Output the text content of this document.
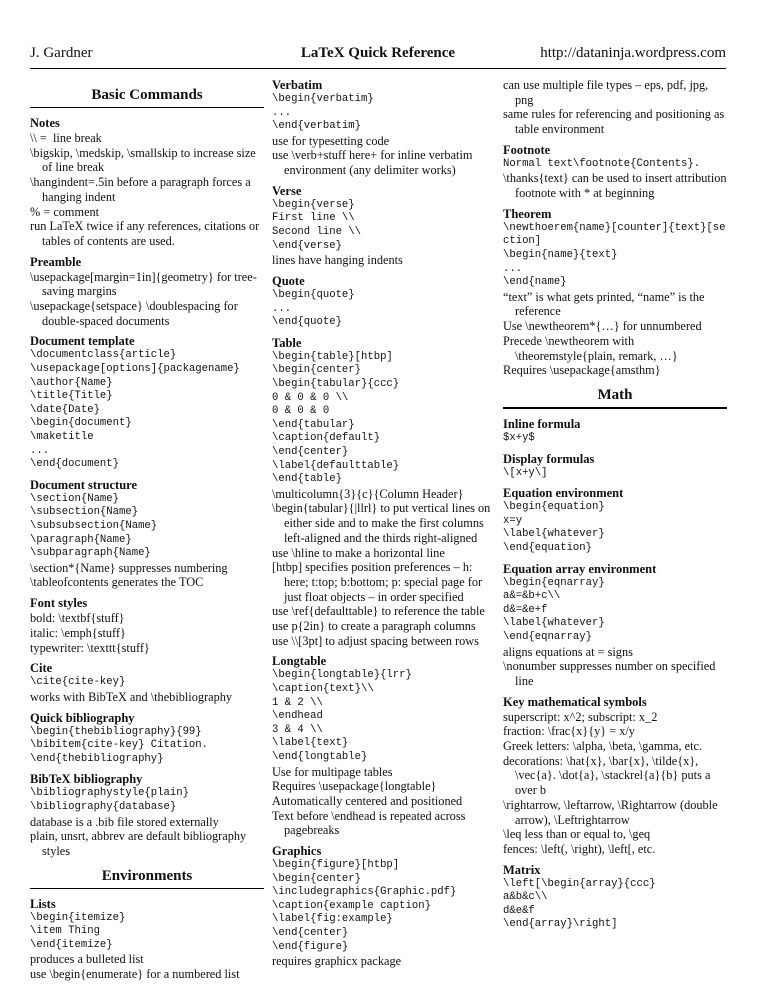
J. Gardner	LaTeX Quick Reference	http://dataninja.wordpress.com
Basic Commands
Notes
\\ =  line break
\bigskip, \medskip, \smallskip to increase size of line break
\hangindent=.5in before a paragraph forces a hanging indent
% = comment
run LaTeX twice if any references, citations or tables of contents are used.
Preamble
\usepackage[margin=1in]{geometry} for tree-saving margins
\usepackage{setspace} \doublespacing for double-spaced documents
Document template
\documentclass{article}
\usepackage[options]{packagename}
\author{Name}
\title{Title}
\date{Date}
\begin{document}
\maketitle
...
\end{document}
Document structure
\section{Name}
\subsection{Name}
\subsubsection{Name}
\paragraph{Name}
\subparagraph{Name}
\section*{Name} suppresses numbering
\tableofcontents generates the TOC
Font styles
bold: \textbf{stuff}
italic: \emph{stuff}
typewriter: \texttt{stuff}
Cite
\cite{cite-key}
works with BibTeX and \thebibliography
Quick bibliography
\begin{thebibliography}{99}
\bibitem{cite-key} Citation.
\end{thebibliography}
BibTeX bibliography
\bibliographystyle{plain}
\bibliography{database}
database is a .bib file stored externally
plain, unsrt, abbrev are default bibliography styles
Environments
Lists
\begin{itemize}
\item Thing
\end{itemize}
produces a bulleted list
use \begin{enumerate} for a numbered list
Verbatim
\begin{verbatim}
...
\end{verbatim}
use for typesetting code
use \verb+stuff here+ for inline verbatim environment (any delimiter works)
Verse
\begin{verse}
First line \\
Second line \\
\end{verse}
lines have hanging indents
Quote
\begin{quote}
...
\end{quote}
Table
\begin{table}[htbp]
\begin{center}
\begin{tabular}{ccc}
0 & 0 & 0 \\
0 & 0 & 0
\end{tabular}
\caption{default}
\end{center}
\label{defaulttable}
\end{table}
\multicolumn{3}{c}{Column Header}
\begin{tabular}{|llrl} to put vertical lines on either side and to make the first columns left-aligned and the thirds right-aligned
use \hline to make a horizontal line
[htbp] specifies position preferences – h: here; t:top; b:bottom; p: special page for just float objects – in order specified
use \ref{defaulttable} to reference the table
use p{2in} to create a paragraph columns
use \\[3pt] to adjust spacing between rows
Longtable
\begin{longtable}{lrr}
\caption{text}\\
1 & 2 \\
\endhead
3 & 4 \\
\label{text}
\end{longtable}
Use for multipage tables
Requires \usepackage{longtable}
Automatically centered and positioned
Text before \endhead is repeated across pagebreaks
Graphics
\begin{figure}[htbp]
\begin{center}
\includegraphics{Graphic.pdf}
\caption{example caption}
\label{fig:example}
\end{center}
\end{figure}
requires graphicx package
can use multiple file types – eps, pdf, jpg, png
same rules for referencing and positioning as table environment
Footnote
Normal text\footnote{Contents}.
\thanks{text} can be used to insert attribution footnote with * at beginning
Theorem
\newthoerem{name}[counter]{text}[section]
\begin{name}{text}
...
\end{name}
“text” is what gets printed, “name” is the reference
Use \newtheorem*{…} for unnumbered
Precede \newtheorem with \theoremstyle{plain, remark, …}
Requires \usepackage{amsthm}
Math
Inline formula
$x+y$
Display formulas
\[x+y\]
Equation environment
\begin{equation}
x=y
\label{whatever}
\end{equation}
Equation array environment
\begin{eqnarray}
a&=&b+c\\
d&=&e+f
\label{whatever}
\end{eqnarray}
aligns equations at = signs
\nonumber suppresses number on specified line
Key mathematical symbols
superscript: x^2; subscript: x_2
fraction: \frac{x}{y} = x/y
Greek letters: \alpha, \beta, \gamma, etc.
decorations: \hat{x}, \bar{x}, \tilde{x}, \vec{a}. \dot{a}, \stackrel{a}{b} puts a over b
\rightarrow, \leftarrow, \Rightarrow (double arrow), \Leftrightarrow
\leq less than or equal to, \geq
fences: \left(, \right), \left[, etc.
Matrix
\left[\begin{array}{ccc}
a&b&c\\
d&e&f
\end{array}\right]
